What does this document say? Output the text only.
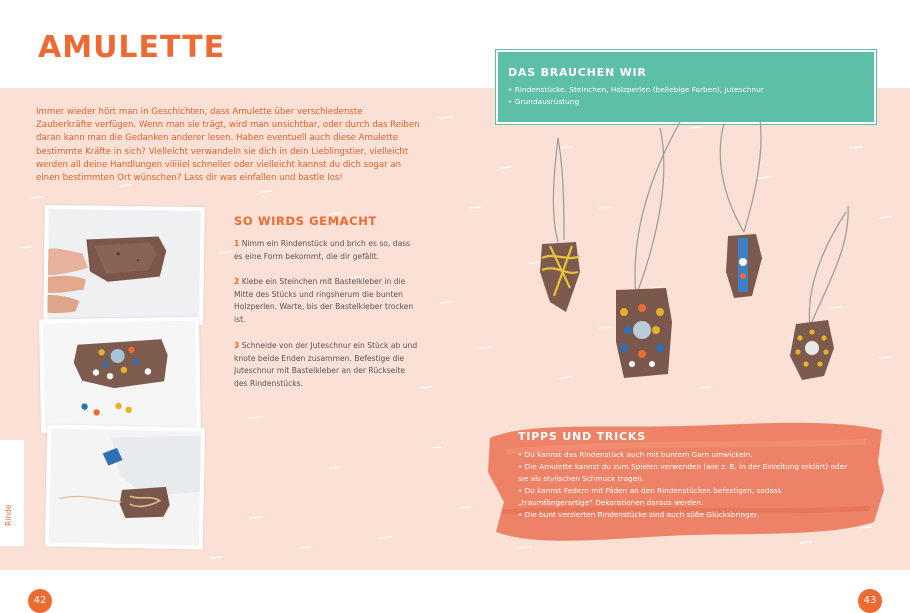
AMULETTE

Immer wieder hört man in Geschichten, dass Amulette über verschiedenste Zauberkräfte verfügen. Wenn man sie trägt, wird man unsichtbar, oder durch das Reiben daran kann man die Gedanken anderer lesen. Haben eventuell auch diese Amulette bestimmte Kräfte in sich? Vielleicht verwandeln sie dich in dein Lieblingstier, vielleicht werden all deine Handlungen viiiiiel schneller oder vielleicht kannst du dich sogar an einen bestimmten Ort wünschen? Lass dir was einfallen und bastle los!

SO WIRDS GEMACHT

1 Nimm ein Rindenstück und brich es so, dass es eine Form bekommt, die dir gefällt.

2 Klebe ein Steinchen mit Bastelkleber in die Mitte des Stücks und ringsherum die bunten Holzperlen. Warte, bis der Bastelkleber trocken ist.

3 Schneide von der Juteschnur ein Stück ab und knote beide Enden zusammen. Befestige die Juteschnur mit Bastelkleber an der Rückseite des Rindenstücks.

Rinde
DAS BRAUCHEN WIR
• Rindenstücke, Steinchen, Holzperlen (beliebige Farben), Juteschnur
• Grundausrüstung
TIPPS UND TRICKS
• Du kannst das Rindenstück auch mit buntem Garn umwickeln.
• Die Amulette kannst du zum Spielen verwenden (wie z. B. in der Einleitung erklärt) oder sie als stylischen Schmuck tragen.
• Du kannst Federn mit Fäden an den Rindenstücken befestigen, sodass „traumfängerartige“ Dekorationen daraus werden.
• Die bunt verzierten Rindenstücke sind auch süße Glücksbringer.
42	43
